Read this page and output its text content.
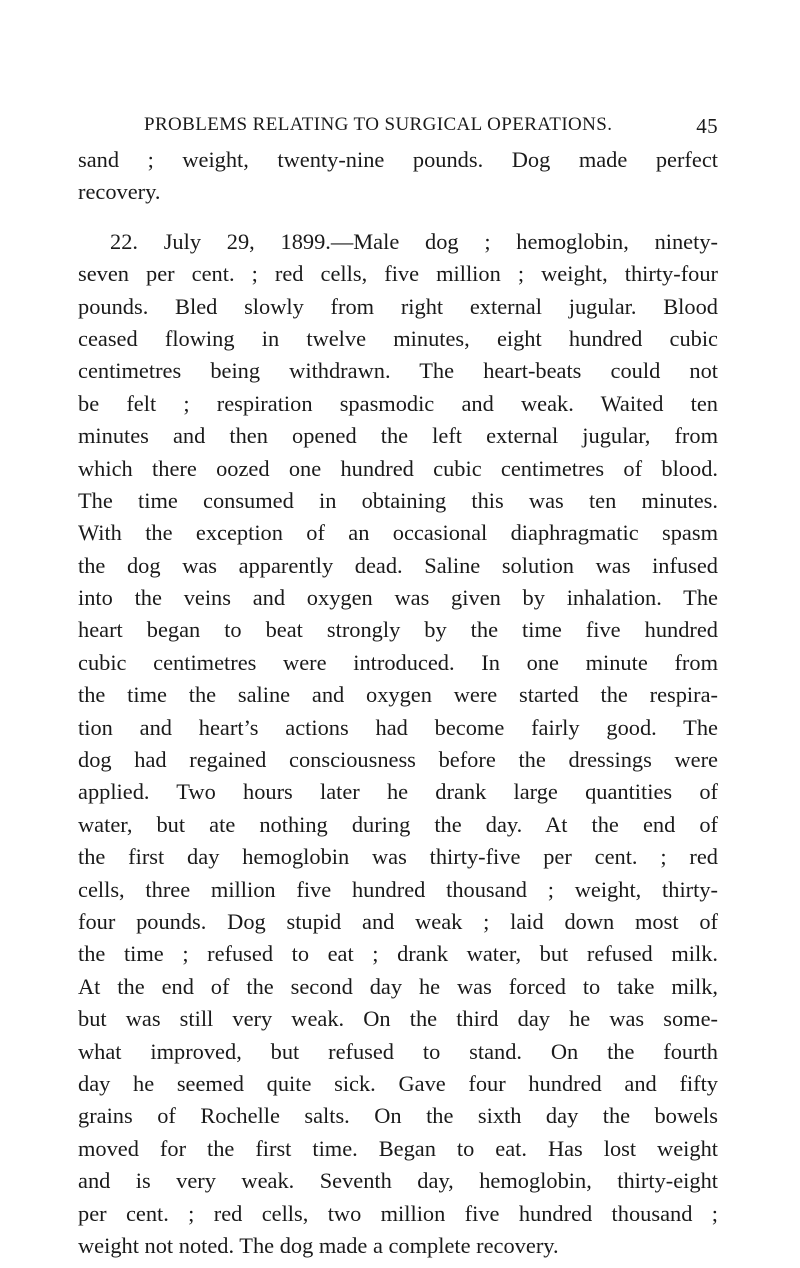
PROBLEMS RELATING TO SURGICAL OPERATIONS.	45
sand ; weight, twenty-nine pounds. Dog made perfect
recovery.
22. July 29, 1899.—Male dog ; hemoglobin, ninety-
seven per cent. ; red cells, five million ; weight, thirty-four
pounds. Bled slowly from right external jugular. Blood
ceased flowing in twelve minutes, eight hundred cubic
centimetres being withdrawn. The heart-beats could not
be felt ; respiration spasmodic and weak. Waited ten
minutes and then opened the left external jugular, from
which there oozed one hundred cubic centimetres of blood.
The time consumed in obtaining this was ten minutes.
With the exception of an occasional diaphragmatic spasm
the dog was apparently dead. Saline solution was infused
into the veins and oxygen was given by inhalation. The
heart began to beat strongly by the time five hundred
cubic centimetres were introduced. In one minute from
the time the saline and oxygen were started the respira-
tion and heart’s actions had become fairly good. The
dog had regained consciousness before the dressings were
applied. Two hours later he drank large quantities of
water, but ate nothing during the day. At the end of
the first day hemoglobin was thirty-five per cent. ; red
cells, three million five hundred thousand ; weight, thirty-
four pounds. Dog stupid and weak ; laid down most of
the time ; refused to eat ; drank water, but refused milk.
At the end of the second day he was forced to take milk,
but was still very weak. On the third day he was some-
what improved, but refused to stand. On the fourth
day he seemed quite sick. Gave four hundred and fifty
grains of Rochelle salts. On the sixth day the bowels
moved for the first time. Began to eat. Has lost weight
and is very weak. Seventh day, hemoglobin, thirty-eight
per cent. ; red cells, two million five hundred thousand ;
weight not noted. The dog made a complete recovery.
